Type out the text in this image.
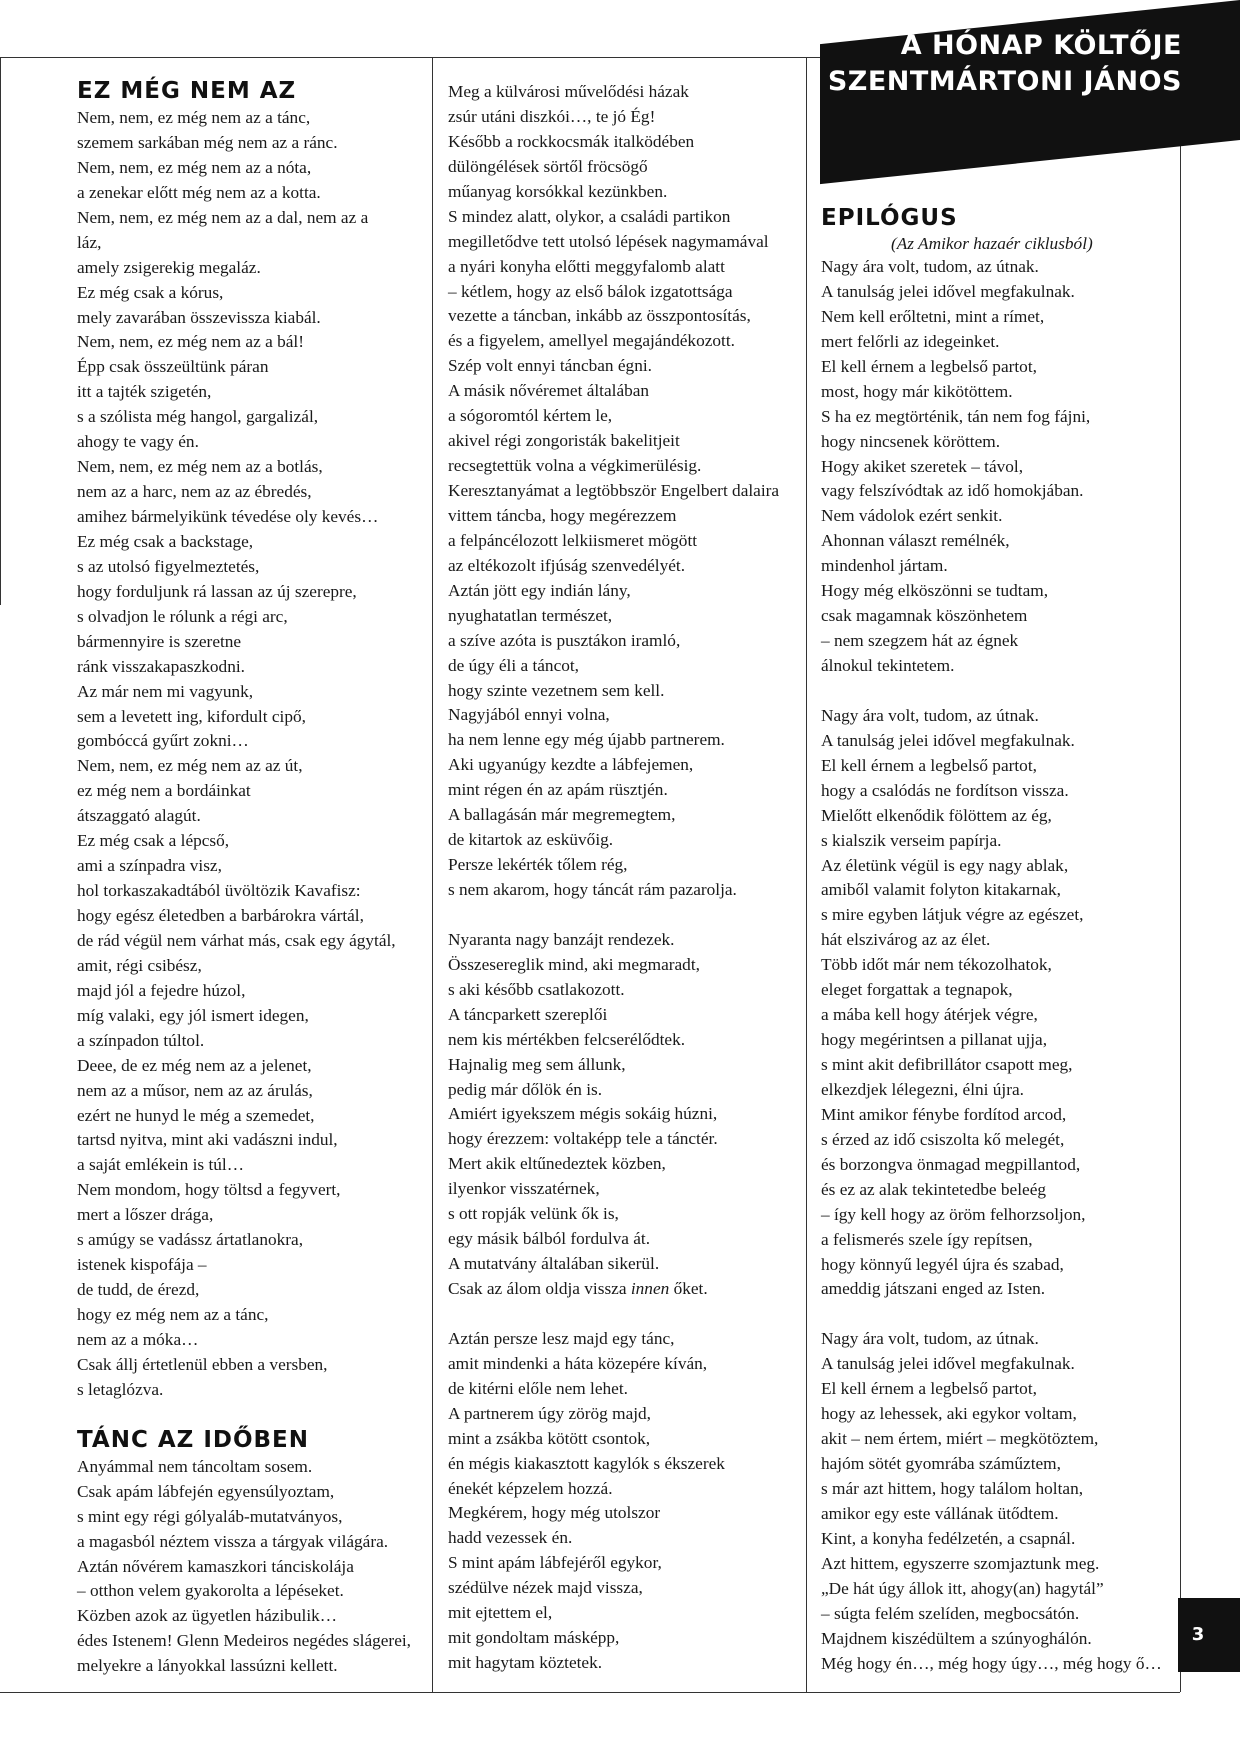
A HÓNAP KÖLTŐJE
SZENTMÁRTONI JÁNOS
EZ MÉG NEM AZ
Nem, nem, ez még nem az a tánc,
szemem sarkában még nem az a ránc.
Nem, nem, ez még nem az a nóta,
a zenekar előtt még nem az a kotta.
Nem, nem, ez még nem az a dal, nem az a
láz,
amely zsigerekig megaláz.
Ez még csak a kórus,
mely zavarában összevissza kiabál.
Nem, nem, ez még nem az a bál!
Épp csak összeültünk páran
itt a tajték szigetén,
s a szólista még hangol, gargalizál,
ahogy te vagy én.
Nem, nem, ez még nem az a botlás,
nem az a harc, nem az az ébredés,
amihez bármelyikünk tévedése oly kevés…
Ez még csak a backstage,
s az utolsó figyelmeztetés,
hogy forduljunk rá lassan az új szerepre,
s olvadjon le rólunk a régi arc,
bármennyire is szeretne
ránk visszakapaszkodni.
Az már nem mi vagyunk,
sem a levetett ing, kifordult cipő,
gombóccá gyűrt zokni…
Nem, nem, ez még nem az az út,
ez még nem a bordáinkat
átszaggató alagút.
Ez még csak a lépcső,
ami a színpadra visz,
hol torkaszakadtából üvöltözik Kavafisz:
hogy egész életedben a barbárokra vártál,
de rád végül nem várhat más, csak egy ágytál,
amit, régi csibész,
majd jól a fejedre húzol,
míg valaki, egy jól ismert idegen,
a színpadon túltol.
Deee, de ez még nem az a jelenet,
nem az a műsor, nem az az árulás,
ezért ne hunyd le még a szemedet,
tartsd nyitva, mint aki vadászni indul,
a saját emlékein is túl…
Nem mondom, hogy töltsd a fegyvert,
mert a lőszer drága,
s amúgy se vadássz ártatlanokra,
istenek kispofája –
de tudd, de érezd,
hogy ez még nem az a tánc,
nem az a móka…
Csak állj értetlenül ebben a versben,
s letaglózva.
TÁNC AZ IDŐBEN
Anyámmal nem táncoltam sosem.
Csak apám lábfején egyensúlyoztam,
s mint egy régi gólyaláb-mutatványos,
a magasból néztem vissza a tárgyak világára.
Aztán nővérem kamaszkori tánciskolája
– otthon velem gyakorolta a lépéseket.
Közben azok az ügyetlen házibulik…
édes Istenem! Glenn Medeiros negédes slágerei,
melyekre a lányokkal lassúzni kellett.
Meg a külvárosi művelődési házak
zsúr utáni diszkói…, te jó Ég!
Később a rockkocsmák italködében
dülöngélések sörtől fröcsögő
műanyag korsókkal kezünkben.
S mindez alatt, olykor, a családi partikon
megilletődve tett utolsó lépések nagymamával
a nyári konyha előtti meggyfalomb alatt
– kétlem, hogy az első bálok izgatottsága
vezette a táncban, inkább az összpontosítás,
és a figyelem, amellyel megajándékozott.
Szép volt ennyi táncban égni.
A másik nővéremet általában
a sógoromtól kértem le,
akivel régi zongoristák bakelitjeit
recsegtettük volna a végkimerülésig.
Keresztanyámat a legtöbbször Engelbert dalaira
vittem táncba, hogy megérezzem
a felpáncélozott lelkiismeret mögött
az eltékozolt ifjúság szenvedélyét.
Aztán jött egy indián lány,
nyughatatlan természet,
a szíve azóta is pusztákon iramló,
de úgy éli a táncot,
hogy szinte vezetnem sem kell.
Nagyjából ennyi volna,
ha nem lenne egy még újabb partnerem.
Aki ugyanúgy kezdte a lábfejemen,
mint régen én az apám rüsztjén.
A ballagásán már megremegtem,
de kitartok az esküvőig.
Persze lekérték tőlem rég,
s nem akarom, hogy táncát rám pazarolja.
Nyaranta nagy banzájt rendezek.
Összesereglik mind, aki megmaradt,
s aki később csatlakozott.
A táncparkett szereplői
nem kis mértékben felcserélődtek.
Hajnalig meg sem állunk,
pedig már dőlök én is.
Amiért igyekszem mégis sokáig húzni,
hogy érezzem: voltaképp tele a tánctér.
Mert akik eltűnedeztek közben,
ilyenkor visszatérnek,
s ott ropják velünk ők is,
egy másik bálból fordulva át.
A mutatvány általában sikerül.
Csak az álom oldja vissza innen őket.
Aztán persze lesz majd egy tánc,
amit mindenki a háta közepére kíván,
de kitérni előle nem lehet.
A partnerem úgy zörög majd,
mint a zsákba kötött csontok,
én mégis kiakasztott kagylók s ékszerek
énekét képzelem hozzá.
Megkérem, hogy még utolszor
hadd vezessek én.
S mint apám lábfejéről egykor,
szédülve nézek majd vissza,
mit ejtettem el,
mit gondoltam másképp,
mit hagytam köztetek.
EPILÓGUS
(Az Amikor hazaér ciklusból)
Nagy ára volt, tudom, az útnak.
A tanulság jelei idővel megfakulnak.
Nem kell erőltetni, mint a rímet,
mert felőrli az idegeinket.
El kell érnem a legbelső partot,
most, hogy már kikötöttem.
S ha ez megtörténik, tán nem fog fájni,
hogy nincsenek köröttem.
Hogy akiket szeretek – távol,
vagy felszívódtak az idő homokjában.
Nem vádolok ezért senkit.
Ahonnan választ remélnék,
mindenhol jártam.
Hogy még elköszönni se tudtam,
csak magamnak köszönhetem
– nem szegzem hát az égnek
álnokul tekintetem.
Nagy ára volt, tudom, az útnak.
A tanulság jelei idővel megfakulnak.
El kell érnem a legbelső partot,
hogy a csalódás ne fordítson vissza.
Mielőtt elkenődik fölöttem az ég,
s kialszik verseim papírja.
Az életünk végül is egy nagy ablak,
amiből valamit folyton kitakarnak,
s mire egyben látjuk végre az egészet,
hát elszivárog az az élet.
Több időt már nem tékozolhatok,
eleget forgattak a tegnapok,
a mába kell hogy átérjek végre,
hogy megérintsen a pillanat ujja,
s mint akit defibrillátor csapott meg,
elkezdjek lélegezni, élni újra.
Mint amikor fénybe fordítod arcod,
s érzed az idő csiszolta kő melegét,
és borzongva önmagad megpillantod,
és ez az alak tekintetedbe beleég
– így kell hogy az öröm felhorzsoljon,
a felismerés szele így repítsen,
hogy könnyű legyél újra és szabad,
ameddig játszani enged az Isten.
Nagy ára volt, tudom, az útnak.
A tanulság jelei idővel megfakulnak.
El kell érnem a legbelső partot,
hogy az lehessek, aki egykor voltam,
akit – nem értem, miért – megkötöztem,
hajóm sötét gyomrába száműztem,
s már azt hittem, hogy találom holtan,
amikor egy este vállának ütődtem.
Kint, a konyha fedélzetén, a csapnál.
Azt hittem, egyszerre szomjaztunk meg.
„De hát úgy állok itt, ahogy(an) hagytál”
– súgta felém szelíden, megbocsátón.
Majdnem kiszédültem a szúnyoghálón.
Még hogy én…, még hogy úgy…, még hogy ő…
3
